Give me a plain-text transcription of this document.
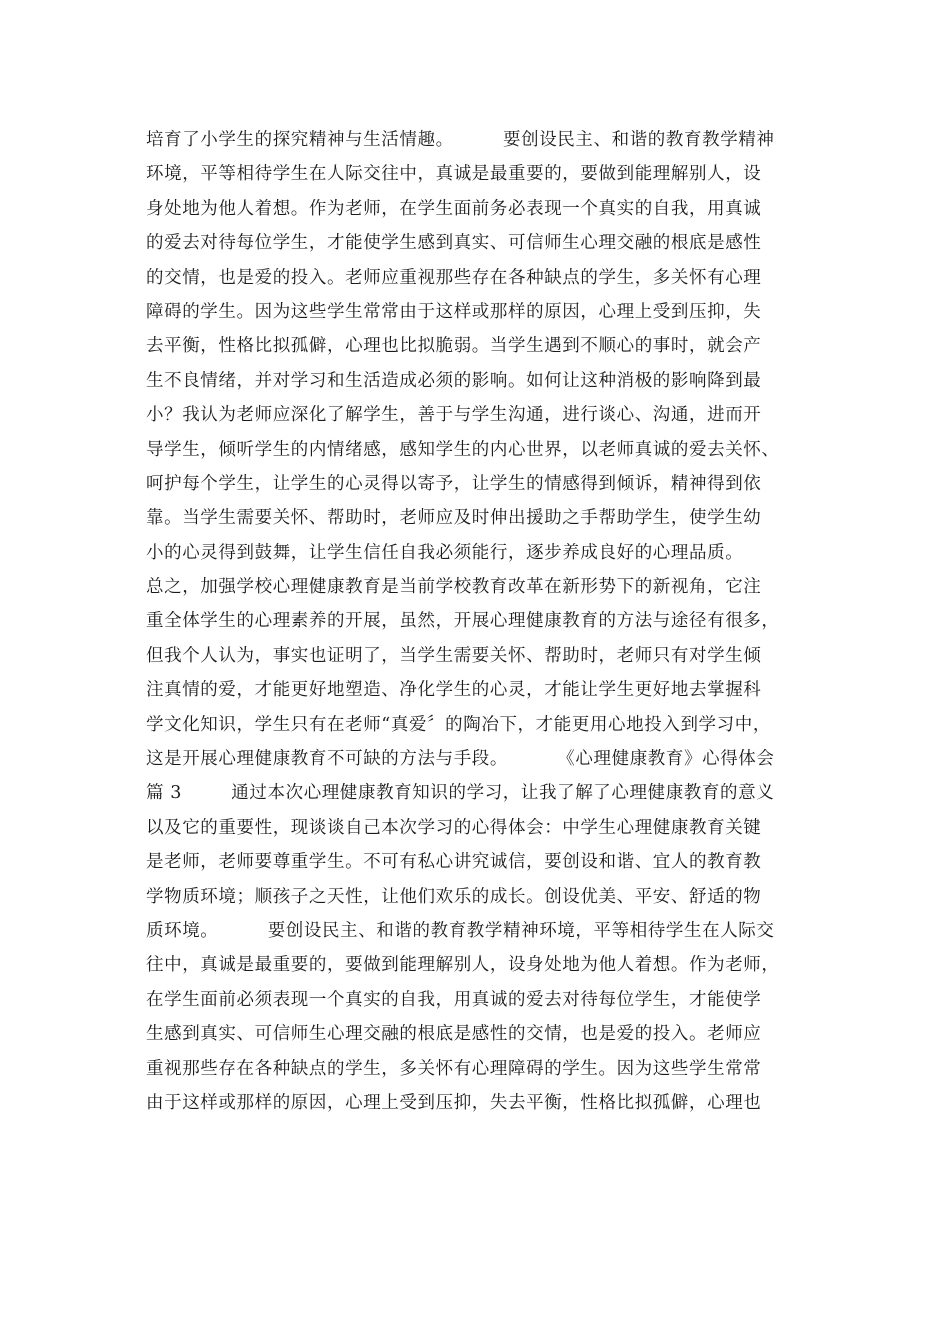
培育了小学生的探究精神与生活情趣。        要创设民主、和谐的教育教学精神
环境，平等相待学生在人际交往中，真诚是最重要的，要做到能理解别人，设
身处地为他人着想。作为老师，在学生面前务必表现一个真实的自我，用真诚
的爱去对待每位学生，才能使学生感到真实、可信师生心理交融的根底是感性
的交情，也是爱的投入。老师应重视那些存在各种缺点的学生，多关怀有心理
障碍的学生。因为这些学生常常由于这样或那样的原因，心理上受到压抑，失
去平衡，性格比拟孤僻，心理也比拟脆弱。当学生遇到不顺心的事时，就会产
生不良情绪，并对学习和生活造成必须的影响。如何让这种消极的影响降到最
小？我认为老师应深化了解学生，善于与学生沟通，进行谈心、沟通，进而开
导学生，倾听学生的内情绪感，感知学生的内心世界，以老师真诚的爱去关怀、
呵护每个学生，让学生的心灵得以寄予，让学生的情感得到倾诉，精神得到依
靠。当学生需要关怀、帮助时，老师应及时伸出援助之手帮助学生，使学生幼
小的心灵得到鼓舞，让学生信任自我必须能行，逐步养成良好的心理品质。
总之，加强学校心理健康教育是当前学校教育改革在新形势下的新视角，它注
重全体学生的心理素养的开展，虽然，开展心理健康教育的方法与途径有很多，
但我个人认为，事实也证明了，当学生需要关怀、帮助时，老师只有对学生倾
注真情的爱，才能更好地塑造、净化学生的心灵，才能让学生更好地去掌握科
学文化知识，学生只有在老师“真爱〞的陶冶下，才能更用心地投入到学习中，
这是开展心理健康教育不可缺的方法与手段。        《心理健康教育》心得体会
篇 3        通过本次心理健康教育知识的学习，让我了解了心理健康教育的意义
以及它的重要性，现谈谈自己本次学习的心得体会：中学生心理健康教育关键
是老师，老师要尊重学生。不可有私心讲究诚信，要创设和谐、宜人的教育教
学物质环境；顺孩子之天性，让他们欢乐的成长。创设优美、平安、舒适的物
质环境。        要创设民主、和谐的教育教学精神环境，平等相待学生在人际交
往中，真诚是最重要的，要做到能理解别人，设身处地为他人着想。作为老师，
在学生面前必须表现一个真实的自我，用真诚的爱去对待每位学生，才能使学
生感到真实、可信师生心理交融的根底是感性的交情，也是爱的投入。老师应
重视那些存在各种缺点的学生，多关怀有心理障碍的学生。因为这些学生常常
由于这样或那样的原因，心理上受到压抑，失去平衡，性格比拟孤僻，心理也
